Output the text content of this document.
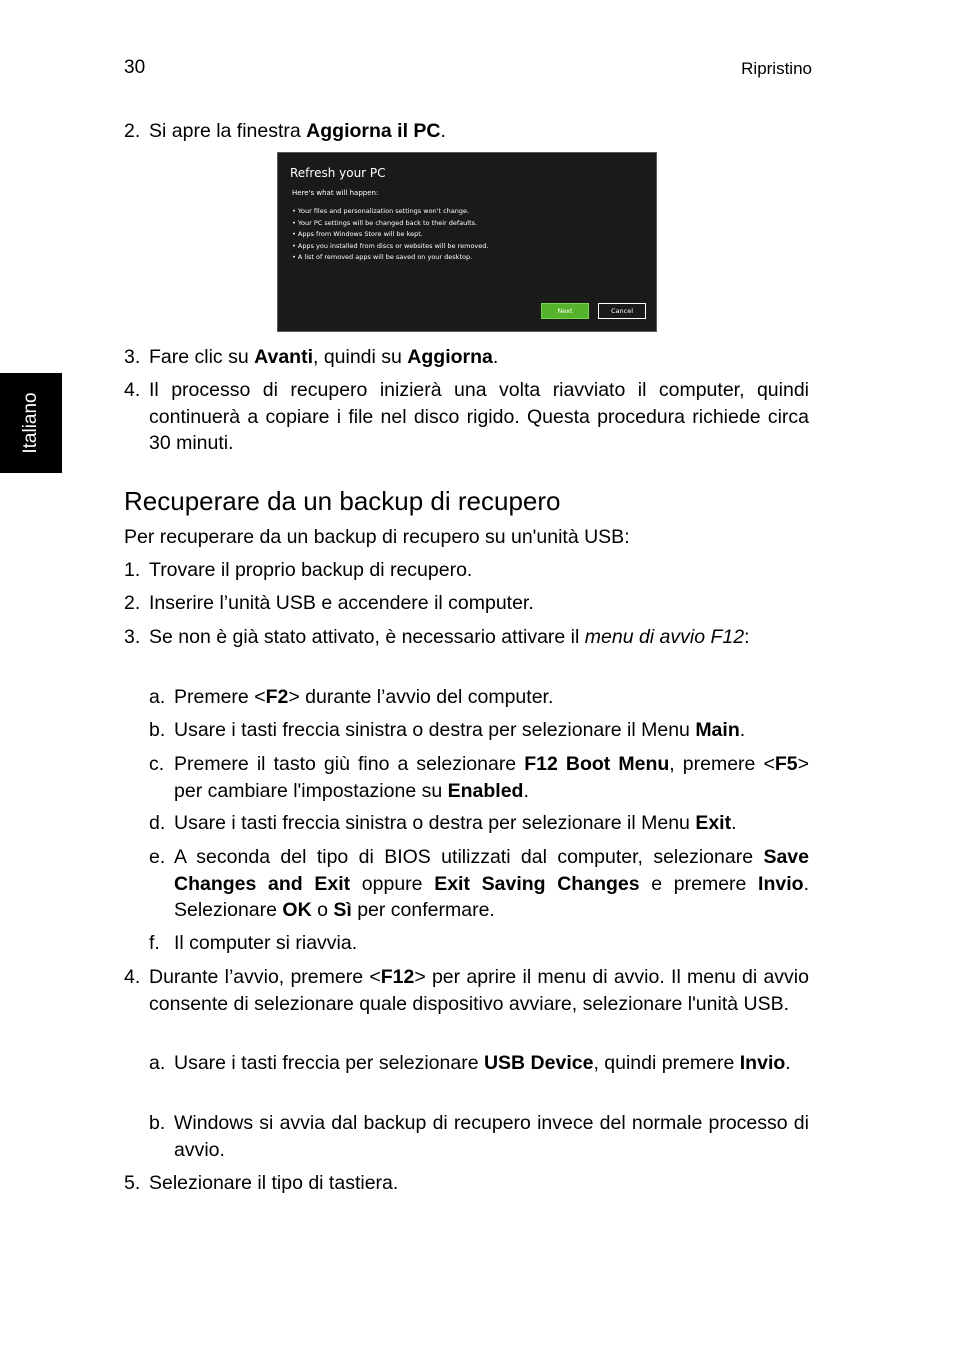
30	Ripristino
Italiano
2. Si apre la finestra Aggiorna il PC.
Refresh your PC
Here's what will happen:
• Your files and personalization settings won't change.
• Your PC settings will be changed back to their defaults.
• Apps from Windows Store will be kept.
• Apps you installed from discs or websites will be removed.
• A list of removed apps will be saved on your desktop.
Next	Cancel
3. Fare clic su Avanti, quindi su Aggiorna.
4. Il processo di recupero inizierà una volta riavviato il computer, quindi continuerà a copiare i file nel disco rigido. Questa procedura richiede circa 30 minuti.
Recuperare da un backup di recupero
Per recuperare da un backup di recupero su un'unità USB:
1. Trovare il proprio backup di recupero.
2. Inserire l’unità USB e accendere il computer.
3. Se non è già stato attivato, è necessario attivare il menu di avvio F12:
a. Premere <F2> durante l’avvio del computer.
b. Usare i tasti freccia sinistra o destra per selezionare il Menu Main.
c. Premere il tasto giù fino a selezionare F12 Boot Menu, premere <F5> per cambiare l'impostazione su Enabled.
d. Usare i tasti freccia sinistra o destra per selezionare il Menu Exit.
e. A seconda del tipo di BIOS utilizzati dal computer, selezionare Save Changes and Exit oppure Exit Saving Changes e premere Invio. Selezionare OK o Sì per confermare.
f. Il computer si riavvia.
4. Durante l’avvio, premere <F12> per aprire il menu di avvio. Il menu di avvio consente di selezionare quale dispositivo avviare, selezionare l'unità USB.
a. Usare i tasti freccia per selezionare USB Device, quindi premere Invio.
b. Windows si avvia dal backup di recupero invece del normale processo di avvio.
5. Selezionare il tipo di tastiera.
